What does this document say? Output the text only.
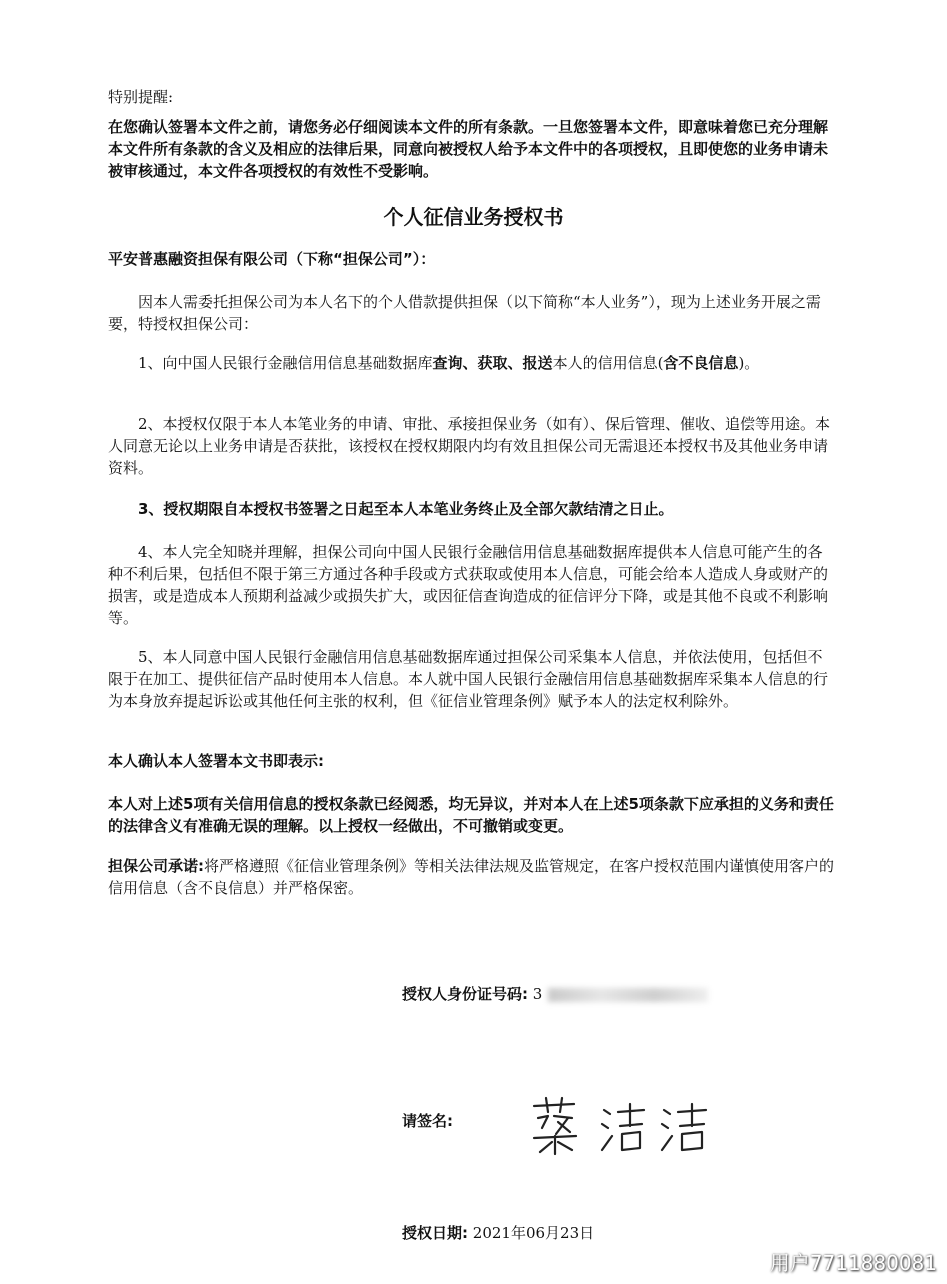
特别提醒:
在您确认签署本文件之前，请您务必仔细阅读本文件的所有条款。一旦您签署本文件，即意味着您已充分理解本文件所有条款的含义及相应的法律后果，同意向被授权人给予本文件中的各项授权，且即使您的业务申请未被审核通过，本文件各项授权的有效性不受影响。
个人征信业务授权书
平安普惠融资担保有限公司（下称“担保公司”）：
因本人需委托担保公司为本人名下的个人借款提供担保（以下简称“本人业务”），现为上述业务开展之需要，特授权担保公司：
1、向中国人民银行金融信用信息基础数据库查询、获取、报送本人的信用信息(含不良信息)。
2、本授权仅限于本人本笔业务的申请、审批、承接担保业务（如有）、保后管理、催收、追偿等用途。本人同意无论以上业务申请是否获批，该授权在授权期限内均有效且担保公司无需退还本授权书及其他业务申请资料。
3、授权期限自本授权书签署之日起至本人本笔业务终止及全部欠款结清之日止。
4、本人完全知晓并理解，担保公司向中国人民银行金融信用信息基础数据库提供本人信息可能产生的各种不利后果，包括但不限于第三方通过各种手段或方式获取或使用本人信息，可能会给本人造成人身或财产的损害，或是造成本人预期利益减少或损失扩大，或因征信查询造成的征信评分下降，或是其他不良或不利影响等。
5、本人同意中国人民银行金融信用信息基础数据库通过担保公司采集本人信息，并依法使用，包括但不限于在加工、提供征信产品时使用本人信息。本人就中国人民银行金融信用信息基础数据库采集本人信息的行为本身放弃提起诉讼或其他任何主张的权利，但《征信业管理条例》赋予本人的法定权利除外。
本人确认本人签署本文书即表示:
本人对上述5项有关信用信息的授权条款已经阅悉，均无异议，并对本人在上述5项条款下应承担的义务和责任的法律含义有准确无误的理解。以上授权一经做出，不可撤销或变更。
担保公司承诺:将严格遵照《征信业管理条例》等相关法律法规及监管规定，在客户授权范围内谨慎使用客户的信用信息（含不良信息）并严格保密。
授权人身份证号码: 3
请签名:
授权日期: 2021年06月23日
用户7711880081
